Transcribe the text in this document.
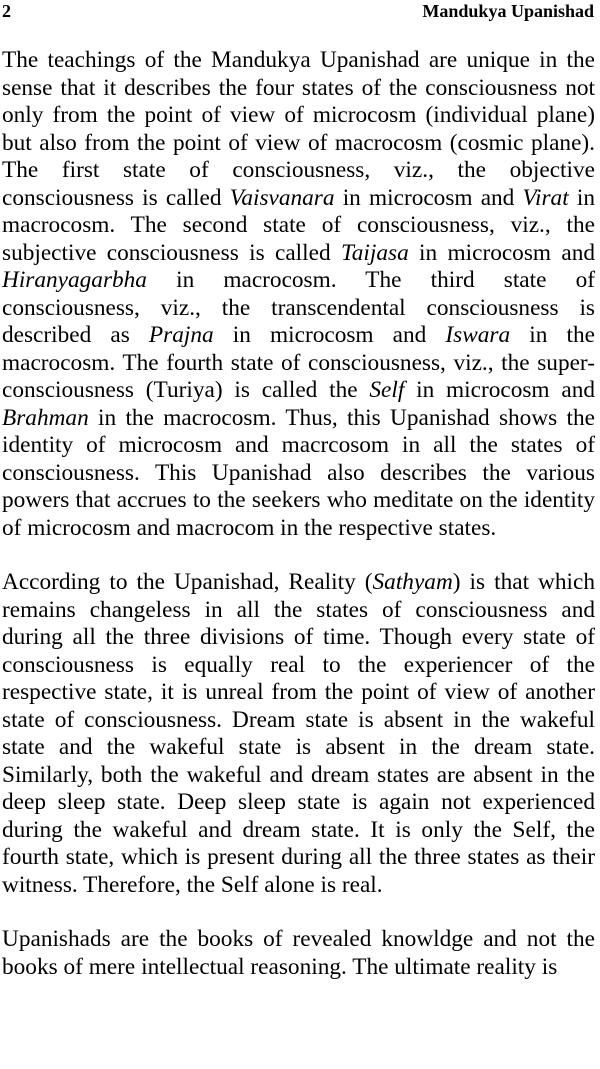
2	Mandukya Upanishad

The teachings of the Mandukya Upanishad are unique in the sense that it describes the four states of the consciousness not only from the point of view of microcosm (individual plane) but also from the point of view of macrocosm (cosmic plane). The first state of consciousness, viz., the objective consciousness is called Vaisvanara in microcosm and Virat in macrocosm. The second state of consciousness, viz., the subjective consciousness is called Taijasa in microcosm and Hiranyagarbha in macrocosm. The third state of consciousness, viz., the transcendental consciousness is described as Prajna in microcosm and Iswara in the macrocosm. The fourth state of consciousness, viz., the super-consciousness (Turiya) is called the Self in microcosm and Brahman in the macrocosm. Thus, this Upanishad shows the identity of microcosm and macrcosom in all the states of consciousness. This Upanishad also describes the various powers that accrues to the seekers who meditate on the identity of microcosm and macrocom in the respective states.

According to the Upanishad, Reality (Sathyam) is that which remains changeless in all the states of consciousness and during all the three divisions of time. Though every state of consciousness is equally real to the experiencer of the respective state, it is unreal from the point of view of another state of consciousness. Dream state is absent in the wakeful state and the wakeful state is absent in the dream state. Similarly, both the wakeful and dream states are absent in the deep sleep state. Deep sleep state is again not experienced during the wakeful and dream state. It is only the Self, the fourth state, which is present during all the three states as their witness. Therefore, the Self alone is real.

Upanishads are the books of revealed knowldge and not the books of mere intellectual reasoning. The ultimate reality is
